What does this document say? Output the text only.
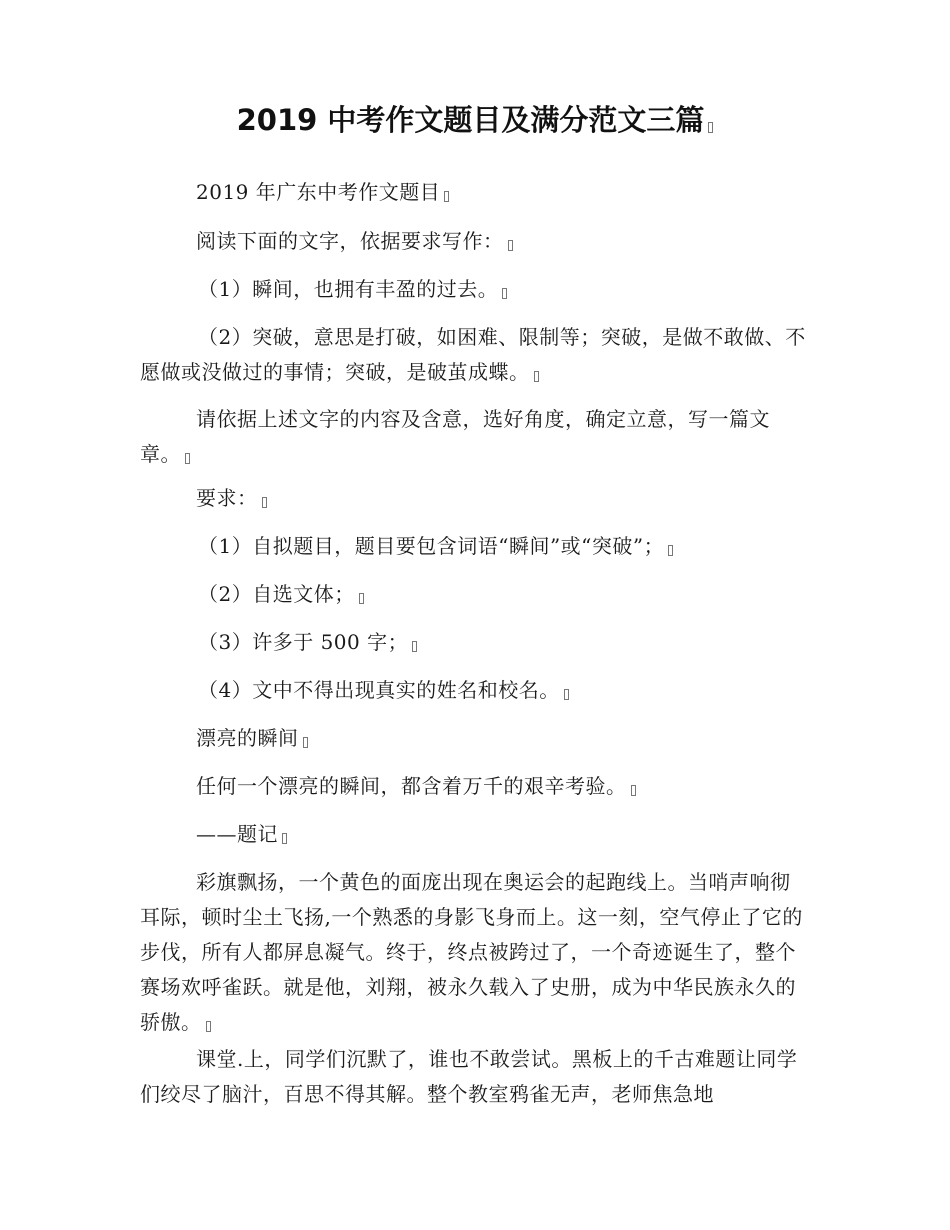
2019 中考作文题目及满分范文三篇
2019 年广东中考作文题目
阅读下面的文字，依据要求写作：
（1）瞬间，也拥有丰盈的过去。
（2）突破，意思是打破，如困难、限制等；突破，是做不敢做、不愿做或没做过的事情；突破，是破茧成蝶。
请依据上述文字的内容及含意，选好角度，确定立意，写一篇文章。
要求：
（1）自拟题目，题目要包含词语“瞬间”或“突破”；
（2）自选文体；
（3）许多于 500 字；
（4）文中不得出现真实的姓名和校名。
漂亮的瞬间
任何一个漂亮的瞬间，都含着万千的艰辛考验。
——题记
彩旗飘扬，一个黄色的面庞出现在奥运会的起跑线上。当哨声响彻耳际，顿时尘土飞扬,一个熟悉的身影飞身而上。这一刻，空气停止了它的步伐，所有人都屏息凝气。终于，终点被跨过了，一个奇迹诞生了，整个赛场欢呼雀跃。就是他，刘翔，被永久载入了史册，成为中华民族永久的骄傲。
课堂.上，同学们沉默了，谁也不敢尝试。黑板上的千古难题让同学们绞尽了脑汁，百思不得其解。整个教室鸦雀无声，老师焦急地
